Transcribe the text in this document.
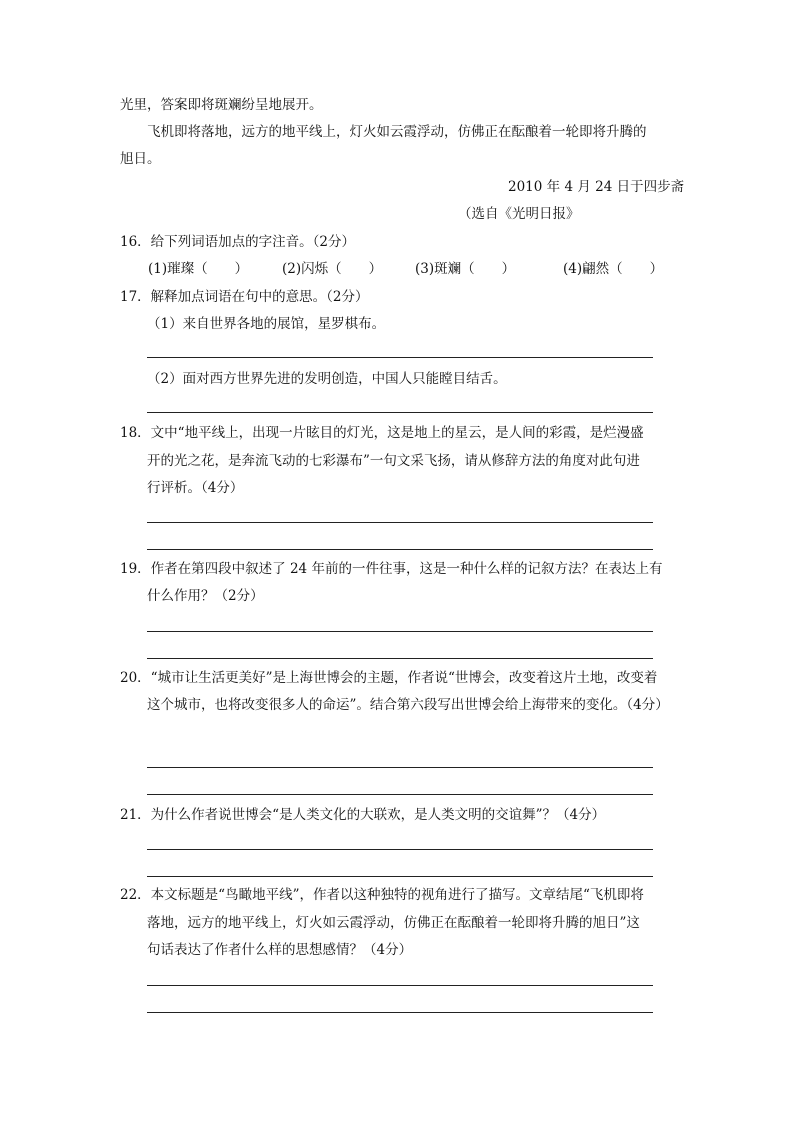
光里，答案即将斑斓纷呈地展开。
飞机即将落地，远方的地平线上，灯火如云霞浮动，仿佛正在酝酿着一轮即将升腾的
旭日。
2010 年 4 月 24 日于四步斋
（选自《光明日报》
16．给下列词语加点的字注音。（2分）
(1)璀璨（　　）	(2)闪烁（　　） (3)斑斓（　　）	(4)翩然（　　）
17．解释加点词语在句中的意思。（2分）
（1）来自世界各地的展馆，星罗棋布。
（2）面对西方世界先进的发明创造，中国人只能瞠目结舌。
18．文中“地平线上，出现一片眩目的灯光，这是地上的星云，是人间的彩霞，是烂漫盛
开的光之花，是奔流飞动的七彩瀑布”一句文采飞扬，请从修辞方法的角度对此句进
行评析。（4分）
19．作者在第四段中叙述了 24 年前的一件往事，这是一种什么样的记叙方法？在表达上有
什么作用？（2分）
20．“城市让生活更美好”是上海世博会的主题，作者说“世博会，改变着这片土地，改变着
这个城市，也将改变很多人的命运”。结合第六段写出世博会给上海带来的变化。（4分）
21．为什么作者说世博会“是人类文化的大联欢，是人类文明的交谊舞”？（4分）
22．本文标题是“鸟瞰地平线”，作者以这种独特的视角进行了描写。文章结尾“飞机即将
落地，远方的地平线上，灯火如云霞浮动，仿佛正在酝酿着一轮即将升腾的旭日”这
句话表达了作者什么样的思想感情？（4分）
